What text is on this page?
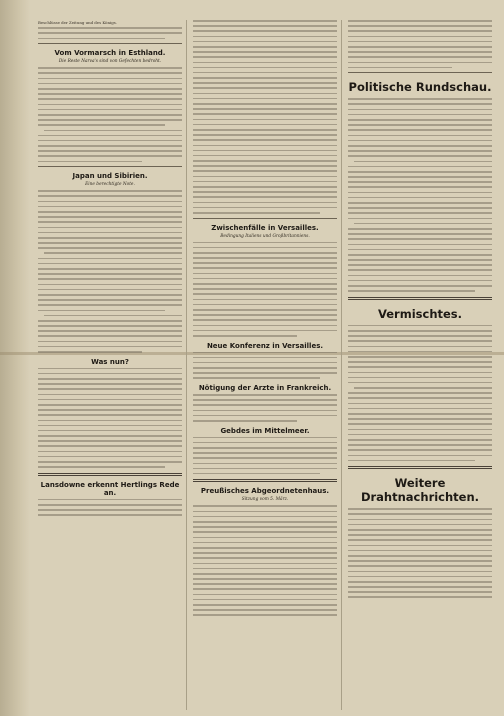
Beschlüsse der Zeitung und des Königs.

Vom Vormarsch in Esthland.
Die Reste Narva's sind von Gefechten bedroht.
Japan und Sibirien.
Eine berechtigte Note.
Was nun?
Lansdowne erkennt Hertlings Rede an.
Zwischenfälle in Versailles.
Bedingung Italiens und Großbritanniens.
Neue Konferenz in Versailles.
Nötigung der Arzte in Frankreich.
Gebdes im Mittelmeer.
Preußisches Abgeordnetenhaus.
Sitzung vom 5. März.
Politische Rundschau.
Vermischtes.
Weitere Drahtnachrichten.
